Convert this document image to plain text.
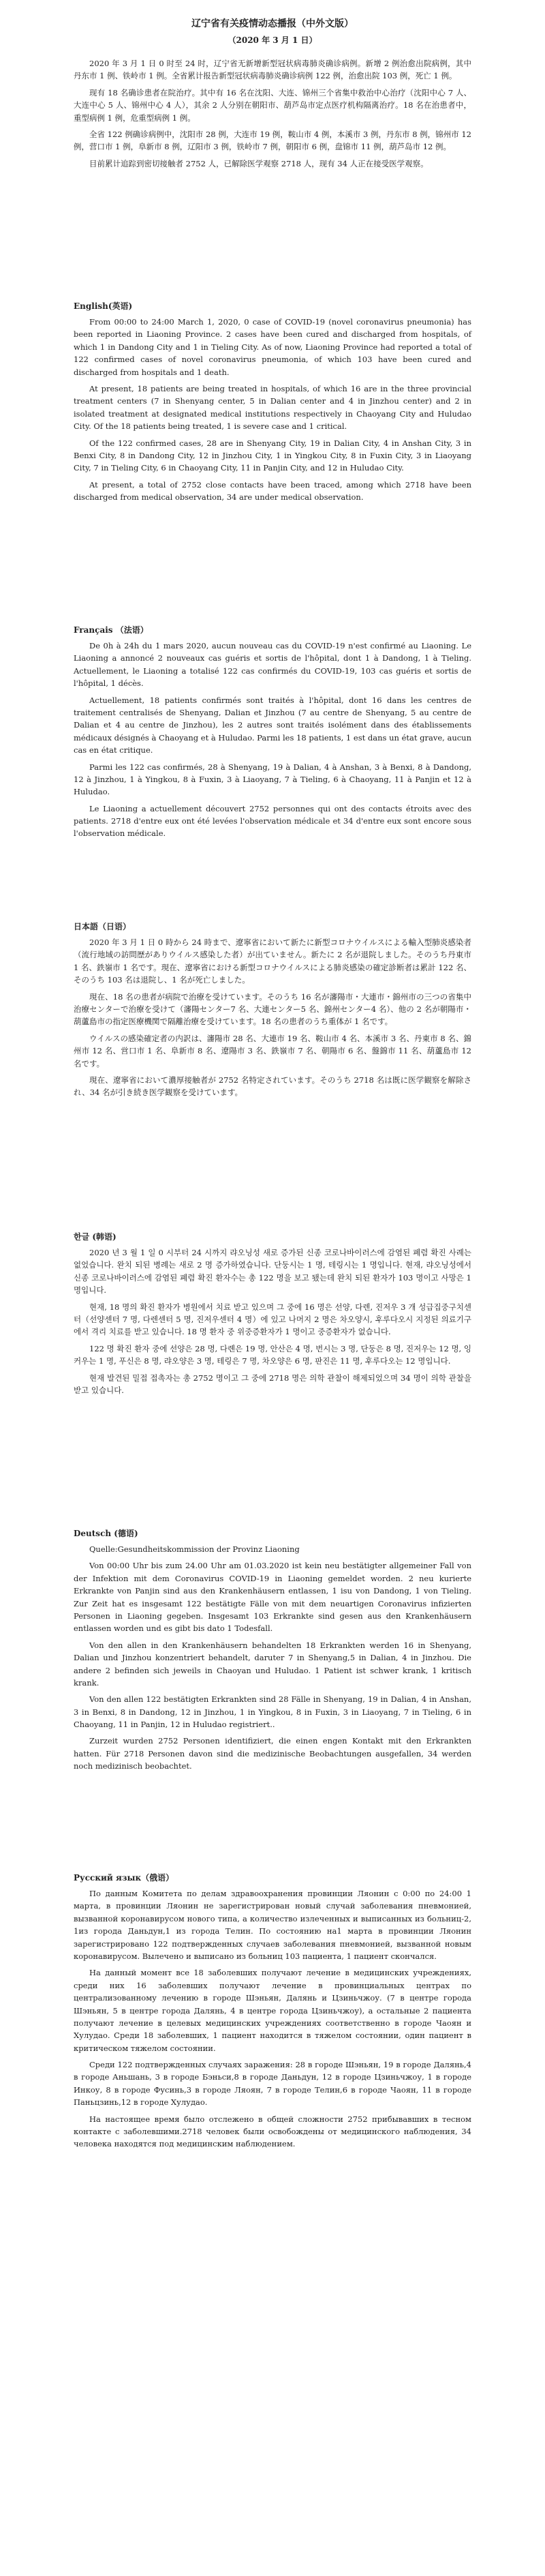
辽宁省有关疫情动态播报（中外文版）
（2020 年 3 月 1 日）

2020 年 3 月 1 日 0 时至 24 时，辽宁省无新增新型冠状病毒肺炎确诊病例。新增 2 例治愈出院病例，其中丹东市 1 例、铁岭市 1 例。全省累计报告新型冠状病毒肺炎确诊病例 122 例，治愈出院 103 例，死亡 1 例。

现有 18 名确诊患者在院治疗。其中有 16 名在沈阳、大连、锦州三个省集中救治中心治疗（沈阳中心 7 人、大连中心 5 人、锦州中心 4 人），其余 2 人分别在朝阳市、葫芦岛市定点医疗机构隔离治疗。18 名在治患者中，重型病例 1 例，危重型病例 1 例。

全省 122 例确诊病例中，沈阳市 28 例，大连市 19 例，鞍山市 4 例，本溪市 3 例，丹东市 8 例，锦州市 12 例，营口市 1 例，阜新市 8 例，辽阳市 3 例，铁岭市 7 例，朝阳市 6 例，盘锦市 11 例，葫芦岛市 12 例。

目前累计追踪到密切接触者 2752 人，已解除医学观察 2718 人，现有 34 人正在接受医学观察。

English(英语)

From 00:00 to 24:00 March 1, 2020, 0 case of COVID-19 (novel coronavirus pneumonia) has been reported in Liaoning Province. 2 cases have been cured and discharged from hospitals, of which 1 in Dandong City and 1 in Tieling City. As of now, Liaoning Province had reported a total of 122 confirmed cases of novel coronavirus pneumonia, of which 103 have been cured and discharged from hospitals and 1 death.

At present, 18 patients are being treated in hospitals, of which 16 are in the three provincial treatment centers (7 in Shenyang center, 5 in Dalian center and 4 in Jinzhou center) and 2 in isolated treatment at designated medical institutions respectively in Chaoyang City and Huludao City. Of the 18 patients being treated, 1 is severe case and 1 critical.

Of the 122 confirmed cases, 28 are in Shenyang City, 19 in Dalian City, 4 in Anshan City, 3 in Benxi City, 8 in Dandong City, 12 in Jinzhou City, 1 in Yingkou City, 8 in Fuxin City, 3 in Liaoyang City, 7 in Tieling City, 6 in Chaoyang City, 11 in Panjin City, and 12 in Huludao City.

At present, a total of 2752 close contacts have been traced, among which 2718 have been discharged from medical observation, 34 are under medical observation.

Français （法语）

De 0h à 24h du 1 mars 2020, aucun nouveau cas du COVID-19 n'est confirmé au Liaoning. Le Liaoning a annoncé 2 nouveaux cas guéris et sortis de l'hôpital, dont 1 à Dandong, 1 à Tieling. Actuellement, le Liaoning a totalisé 122 cas confirmés du COVID-19, 103 cas guéris et sortis de l'hôpital, 1 décès.

Actuellement, 18 patients confirmés sont traités à l'hôpital, dont 16 dans les centres de traitement centralisés de Shenyang, Dalian et Jinzhou (7 au centre de Shenyang, 5 au centre de Dalian et 4 au centre de Jinzhou), les 2 autres sont traités isolément dans des établissements médicaux désignés à Chaoyang et à Huludao. Parmi les 18 patients, 1 est dans un état grave, aucun cas en état critique.

Parmi les 122 cas confirmés, 28 à Shenyang, 19 à Dalian, 4 à Anshan, 3 à Benxi, 8 à Dandong, 12 à Jinzhou, 1 à Yingkou, 8 à Fuxin, 3 à Liaoyang, 7 à Tieling, 6 à Chaoyang, 11 à Panjin et 12 à Huludao.

Le Liaoning a actuellement découvert 2752 personnes qui ont des contacts étroits avec des patients. 2718 d'entre eux ont été levées l'observation médicale et 34 d'entre eux sont encore sous l'observation médicale.

日本語（日语）

2020 年 3 月 1 日 0 時から 24 時まで、遼寧省において新たに新型コロナウイルスによる輸入型肺炎感染者（流行地域の訪問歴がありウイルス感染した者）が出ていません。新たに 2 名が退院しました。そのうち丹東市 1 名、鉄嶺市 1 名です。現在、遼寧省における新型コロナウイルスによる肺炎感染の確定診断者は累計 122 名、そのうち 103 名は退院し、1 名が死亡しました。

現在、18 名の患者が病院で治療を受けています。そのうち 16 名が瀋陽市・大連市・錦州市の三つの省集中治療センターで治療を受けて（瀋陽センター7 名、大連センター5 名、錦州センター4 名）、他の 2 名が朝陽市・葫蘆島市の指定医療機関で隔離治療を受けています。18 名の患者のうち重体が 1 名です。

ウイルスの感染確定者の内訳は、瀋陽市 28 名、大連市 19 名、鞍山市 4 名、本溪市 3 名、丹東市 8 名、錦州市 12 名、営口市 1 名、阜新市 8 名、遼陽市 3 名、鉄嶺市 7 名、朝陽市 6 名、盤錦市 11 名、葫蘆島市 12 名です。

現在、遼寧省において濃厚接触者が 2752 名特定されています。そのうち 2718 名は既に医学観察を解除され、34 名が引き続き医学観察を受けています。

한글 (韩语)

2020 년 3 월 1 일 0 시부터 24 시까지 랴오닝성 새로 증가된 신종 코로나바이러스에 감염된 폐렴 확진 사례는 없었습니다. 완치 되된 병례는 새로 2 명 증가하였습니다. 단둥시는 1 명, 테링시는 1 명입니다. 현재, 랴오닝성에서 신종 코로나바이러스에 감염된 폐렴 확진 환자수는 총 122 명을 보고 됐는데 완치 되된 환자가 103 명이고 사망은 1 명입니다.

현재, 18 명의 확진 환자가 병원에서 치료 받고 있으며 그 중에 16 명은 선양, 다렌, 진저우 3 개 성급집중구치센터（선양센터 7 명, 다렌센터 5 명, 진저우센터 4 명）에 있고 나머지 2 명은 차오양시, 후루다오시 지정된 의료기구에서 격리 치료를 받고 있습니다. 18 명 환자 중 위중증환자가 1 명이고 중증환자가 없습니다.

122 명 확진 환자 중에 선양은 28 명, 다롄은 19 명, 안산은 4 명, 번시는 3 명, 단둥은 8 명, 진저우는 12 명, 잉커우는 1 명, 푸신은 8 명, 랴오양은 3 명, 테링은 7 명, 차오양은 6 명, 판진은 11 명, 후루다오는 12 명입니다.

현재 발견된 밀접 접촉자는 총 2752 명이고 그 중에 2718 명은 의학 관찰이 해제되었으며 34 명이 의학 관찰을 받고 있습니다.

Deutsch (德语)

Quelle:Gesundheitskommission der Provinz Liaoning

Von 00:00 Uhr bis zum 24.00 Uhr am 01.03.2020 ist kein neu bestätigter allgemeiner Fall von der Infektion mit dem Coronavirus COVID-19 in Liaoning gemeldet worden. 2 neu kurierte Erkrankte von Panjin sind aus den Krankenhäusern entlassen, 1 isu von Dandong, 1 von Tieling. Zur Zeit hat es insgesamt 122 bestätigte Fälle von mit dem neuartigen Coronavirus infizierten Personen in Liaoning gegeben. Insgesamt 103 Erkrankte sind gesen aus den Krankenhäusern entlassen worden und es gibt bis dato 1 Todesfall.

Von den allen in den Krankenhäusern behandelten 18 Erkrankten werden 16 in Shenyang, Dalian und Jinzhou konzentriert behandelt, daruter 7 in Shenyang,5 in Dalian, 4 in Jinzhou. Die andere 2 befinden sich jeweils in Chaoyan und Huludao. 1 Patient ist schwer krank, 1 kritisch krank.

Von den allen 122 bestätigten Erkrankten sind 28 Fälle in Shenyang, 19 in Dalian, 4 in Anshan, 3 in Benxi, 8 in Dandong, 12 in Jinzhou, 1 in Yingkou, 8 in Fuxin, 3 in Liaoyang, 7 in Tieling, 6 in Chaoyang, 11 in Panjin, 12 in Huludao registriert..

Zurzeit wurden 2752 Personen identifiziert, die einen engen Kontakt mit den Erkrankten hatten. Für 2718 Personen davon sind die medizinische Beobachtungen ausgefallen, 34 werden noch medizinisch beobachtet.

Русский язык（俄语）

По данным Комитета по делам здравоохранения провинции Ляонин с 0:00 по 24:00 1 марта, в провинции Ляонин не зарегистрирован новый случай заболевания пневмонией, вызванной коронавирусом нового типа, а количество излеченных и выписанных из больниц-2, 1из города Даньдун,1 из города Телин. По состоянию на1 марта в провинции Ляонин зарегистрировано 122 подтвержденных случаев заболевания пневмонией, вызванной новым коронавирусом. Вылечено и выписано из больниц 103 пациента, 1 пациент скончался.

На данный момент все 18 заболевших получают лечение в медицинских учреждениях, среди них 16 заболевших получают лечение в провинциальных центрах по централизованному лечению в городе Шэньян, Далянь и Цзиньчжоу. (7 в центре города Шэньян, 5 в центре города Далянь, 4 в центре города Цзиньчжоу), а остальные 2 пациента получают лечение в целевых медицинских учреждениях соответственно в городе Чаоян и Хулудао. Среди 18 заболевших, 1 пациент находится в тяжелом состоянии, один пациент в критическом тяжелом состоянии.

Среди 122 подтвержденных случаях заражения: 28 в городе Шэньян, 19 в городе Далянь,4 в городе Аньшань, 3 в городе Бэньси,8 в городе Даньдун, 12 в городе Цзиньчжоу, 1 в городе Инкоу, 8 в городе Фусинь,3 в городе Ляоян, 7 в городе Телин,6 в городе Чаоян, 11 в городе Паньцзинь,12 в городе Хулудао.

На настоящее время было отслежено в общей сложности 2752 прибывавших в тесном контакте с заболевшими.2718 человек были освобождены от медицинского наблюдения, 34 человека находятся под медицинским наблюдением.
